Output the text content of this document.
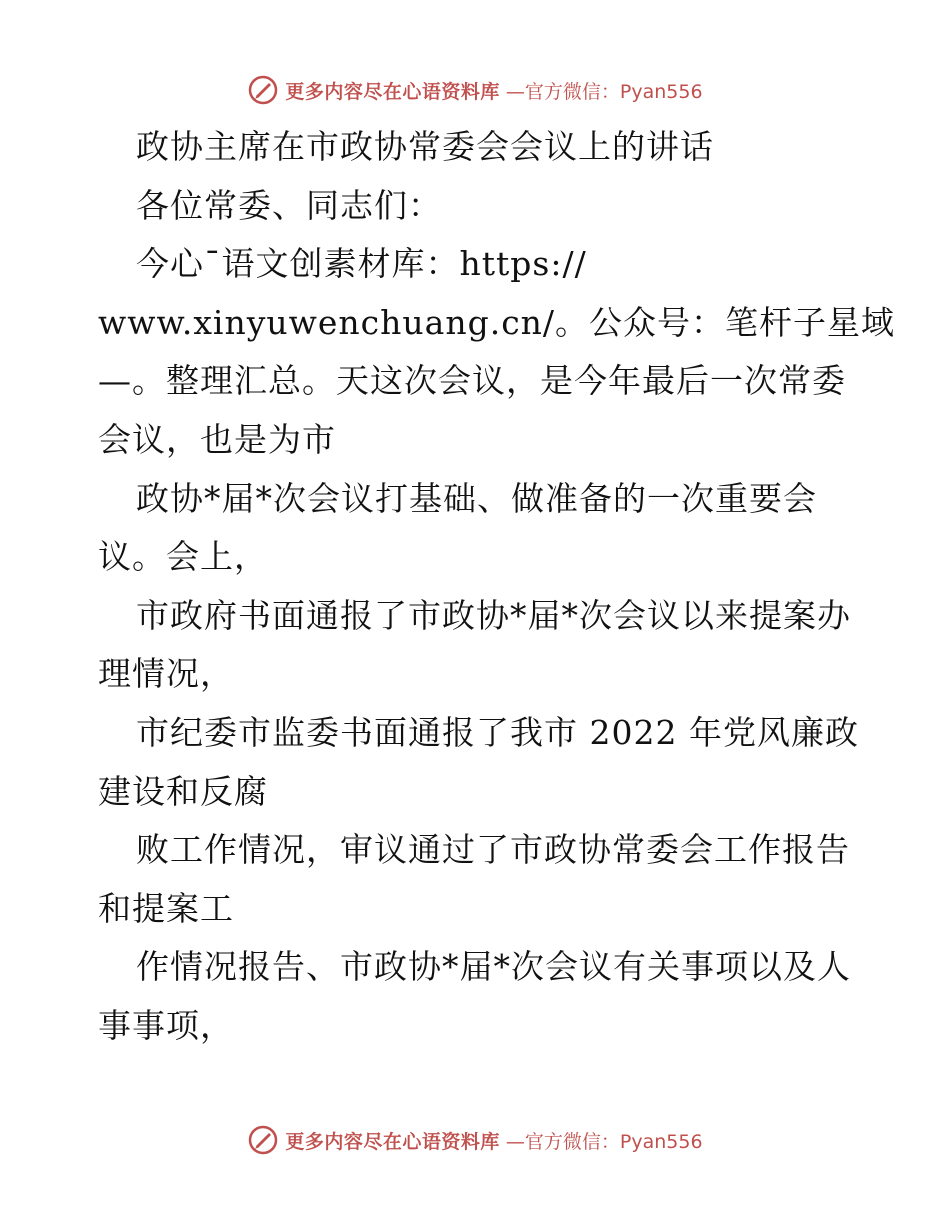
更多内容尽在心语资料库 —官方微信：Pyan556
政协主席在市政协常委会会议上的讲话
各位常委、同志们：
今心¯语文创素材库：https://
www.xinyuwenchuang.cn/。公众号：笔杆子星域
—。整理汇总。天这次会议，是今年最后一次常委
会议，也是为市
政协*届*次会议打基础、做准备的一次重要会
议。会上，
市政府书面通报了市政协*届*次会议以来提案办
理情况，
市纪委市监委书面通报了我市 2022 年党风廉政
建设和反腐
败工作情况，审议通过了市政协常委会工作报告
和提案工
作情况报告、市政协*届*次会议有关事项以及人
事事项，
更多内容尽在心语资料库 —官方微信：Pyan556
